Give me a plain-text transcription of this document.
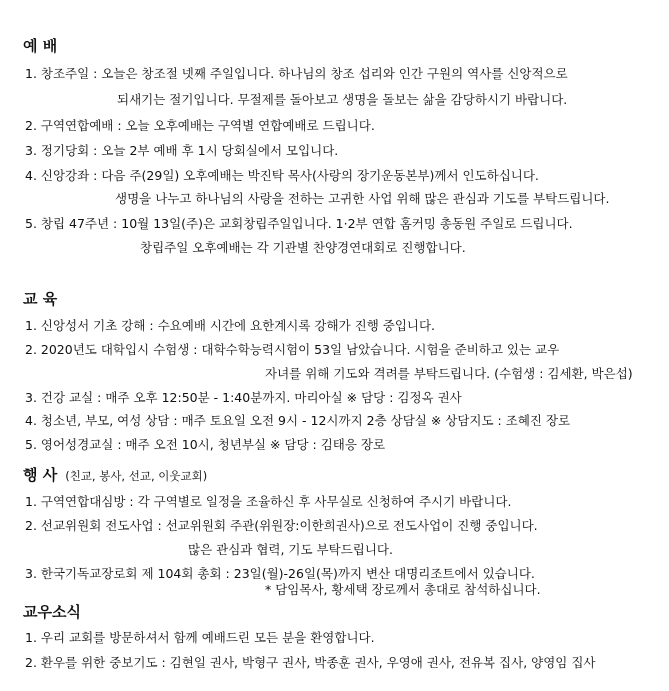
예 배
1. 창조주일 : 오늘은 창조절 넷째 주일입니다. 하나님의 창조 섭리와 인간 구원의 역사를 신앙적으로
되새기는 절기입니다. 무절제를 돌아보고 생명을 돌보는 삶을 감당하시기 바랍니다.
2. 구역연합예배 : 오늘 오후예배는 구역별 연합예배로 드립니다.
3. 정기당회 : 오늘 2부 예배 후 1시 당회실에서 모입니다.
4. 신앙강좌 : 다음 주(29일) 오후예배는 박진탁 목사(사랑의 장기운동본부)께서 인도하십니다.
생명을 나누고 하나님의 사랑을 전하는 고귀한 사업 위해 많은 관심과 기도를 부탁드립니다.
5. 창립 47주년 : 10월 13일(주)은 교회창립주일입니다. 1·2부 연합 홈커밍 총동원 주일로 드립니다.
창립주일 오후예배는 각 기관별 찬양경연대회로 진행합니다.
교 육
1. 신앙성서 기초 강해 : 수요예배 시간에 요한계시록 강해가 진행 중입니다.
2. 2020년도 대학입시 수험생 : 대학수학능력시험이 53일 남았습니다. 시험을 준비하고 있는 교우
자녀를 위해 기도와 격려를 부탁드립니다. (수험생 : 김세환, 박은섭)
3. 건강 교실 : 매주 오후 12:50분 - 1:40분까지. 마리아실 ※ 담당 : 김정옥 권사
4. 청소년, 부모, 여성 상담 : 매주 토요일 오전 9시 - 12시까지 2층 상담실 ※ 상담지도 : 조혜진 장로
5. 영어성경교실 : 매주 오전 10시, 청년부실 ※ 담당 : 김태응 장로
행 사 (친교, 봉사, 선교, 이웃교회)
1. 구역연합대심방 : 각 구역별로 일정을 조율하신 후 사무실로 신청하여 주시기 바랍니다.
2. 선교위원회 전도사업 : 선교위원회 주관(위원장:이한희권사)으로 전도사업이 진행 중입니다.
많은 관심과 협력, 기도 부탁드립니다.
3. 한국기독교장로회 제 104회 총회 : 23일(월)-26일(목)까지 변산 대명리조트에서 있습니다.
* 담임목사, 황세택 장로께서 총대로 참석하십니다.
교우소식
1. 우리 교회를 방문하셔서 함께 예배드린 모든 분을 환영합니다.
2. 환우를 위한 중보기도 : 김현일 권사, 박형구 권사, 박종훈 권사, 우영애 권사, 전유복 집사, 양영임 집사
